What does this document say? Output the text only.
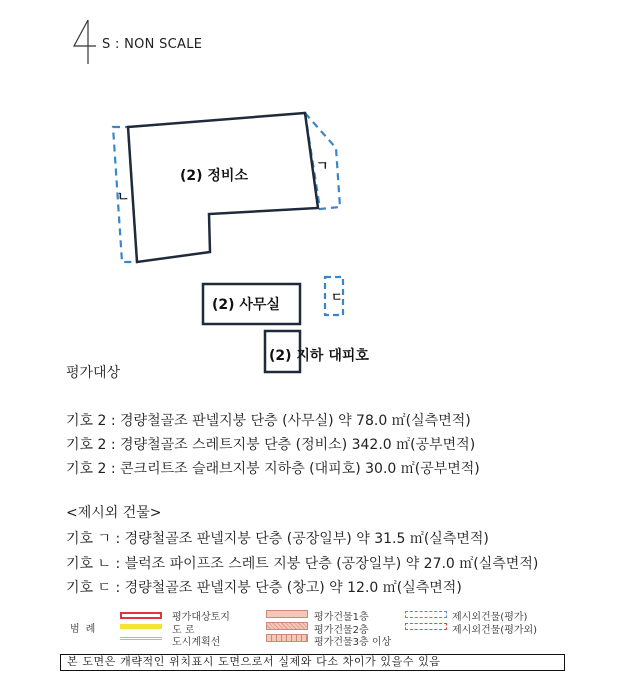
S : NON SCALE
(2) 정비소
(2) 사무실
(2) 지하 대피호
ㄱ
ㄴ
ㄷ
평가대상
기호 2 : 경량철골조 판넬지붕 단층 (사무실) 약 78.0 ㎡(실측면적)
기호 2 : 경량철골조 스레트지붕 단층 (정비소) 342.0 ㎡(공부면적)
기호 2 : 콘크리트조 슬래브지붕 지하층 (대피호) 30.0 ㎡(공부면적)
<제시외 건물>
기호 ㄱ : 경량철골조 판넬지붕 단층 (공장일부) 약 31.5 ㎡(실측면적)
기호 ㄴ : 블럭조 파이프조 스레트 지붕 단층 (공장일부) 약 27.0 ㎡(실측면적)
기호 ㄷ : 경량철골조 판넬지붕 단층 (창고) 약 12.0 ㎡(실측면적)
범례
평가대상토지
도 로
도시계획선
평가건물1층
평가건물2층
평가건물3층 이상
제시외건물(평가)
제시외건물(평가외)
본 도면은 개략적인 위치표시 도면으로서 실제와 다소 차이가 있을수 있음
